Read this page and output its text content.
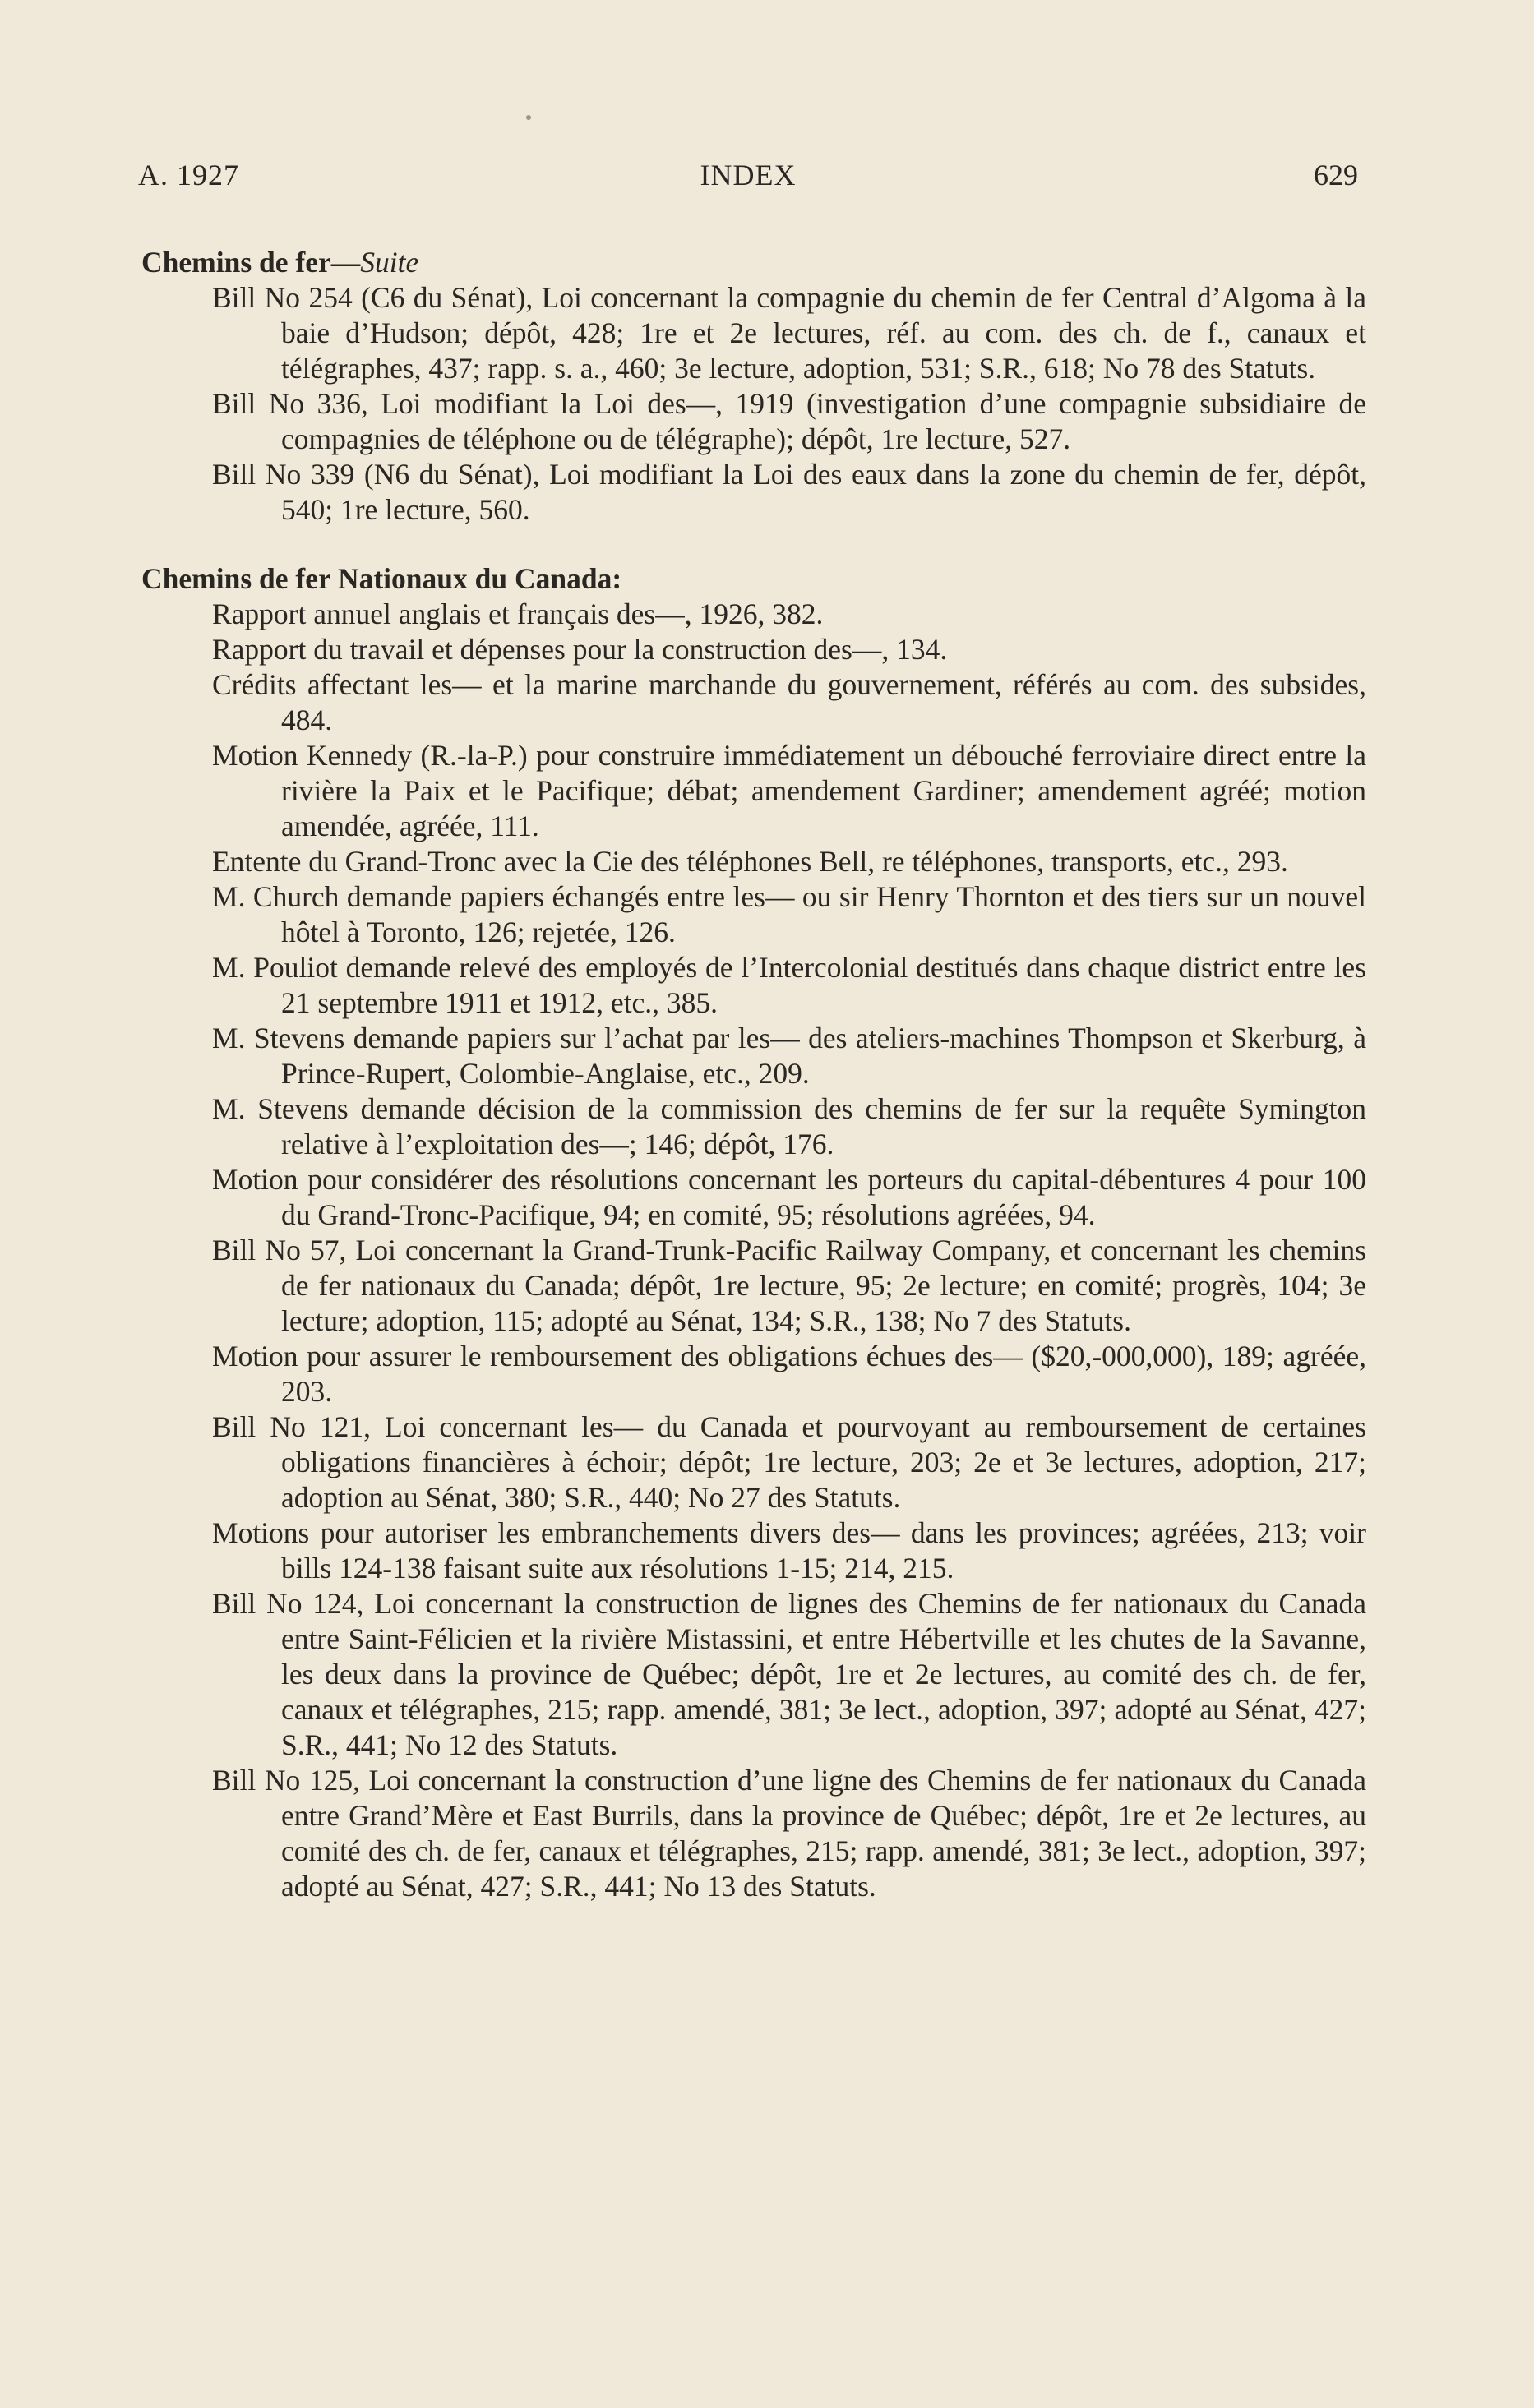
A. 1927	INDEX	629

Chemins de fer—Suite

Bill No 254 (C6 du Sénat), Loi concernant la compagnie du chemin de fer Central d’Algoma à la baie d’Hudson; dépôt, 428; 1re et 2e lectures, réf. au com. des ch. de f., canaux et télégraphes, 437; rapp. s. a., 460; 3e lecture, adoption, 531; S.R., 618; No 78 des Statuts.

Bill No 336, Loi modifiant la Loi des—, 1919 (investigation d’une compagnie subsidiaire de compagnies de téléphone ou de télégraphe); dépôt, 1re lecture, 527.

Bill No 339 (N6 du Sénat), Loi modifiant la Loi des eaux dans la zone du chemin de fer, dépôt, 540; 1re lecture, 560.

Chemins de fer Nationaux du Canada:

Rapport annuel anglais et français des—, 1926, 382.

Rapport du travail et dépenses pour la construction des—, 134.

Crédits affectant les— et la marine marchande du gouvernement, référés au com. des subsides, 484.

Motion Kennedy (R.-la-P.) pour construire immédiatement un débouché ferroviaire direct entre la rivière la Paix et le Pacifique; débat; amendement Gardiner; amendement agréé; motion amendée, agréée, 111.

Entente du Grand-Tronc avec la Cie des téléphones Bell, re téléphones, transports, etc., 293.

M. Church demande papiers échangés entre les— ou sir Henry Thornton et des tiers sur un nouvel hôtel à Toronto, 126; rejetée, 126.

M. Pouliot demande relevé des employés de l’Intercolonial destitués dans chaque district entre les 21 septembre 1911 et 1912, etc., 385.

M. Stevens demande papiers sur l’achat par les— des ateliers-machines Thompson et Skerburg, à Prince-Rupert, Colombie-Anglaise, etc., 209.

M. Stevens demande décision de la commission des chemins de fer sur la requête Symington relative à l’exploitation des—; 146; dépôt, 176.

Motion pour considérer des résolutions concernant les porteurs du capital-débentures 4 pour 100 du Grand-Tronc-Pacifique, 94; en comité, 95; résolutions agréées, 94.

Bill No 57, Loi concernant la Grand-Trunk-Pacific Railway Company, et concernant les chemins de fer nationaux du Canada; dépôt, 1re lecture, 95; 2e lecture; en comité; progrès, 104; 3e lecture; adoption, 115; adopté au Sénat, 134; S.R., 138; No 7 des Statuts.

Motion pour assurer le remboursement des obligations échues des— ($20,-000,000), 189; agréée, 203.

Bill No 121, Loi concernant les— du Canada et pourvoyant au remboursement de certaines obligations financières à échoir; dépôt; 1re lecture, 203; 2e et 3e lectures, adoption, 217; adoption au Sénat, 380; S.R., 440; No 27 des Statuts.

Motions pour autoriser les embranchements divers des— dans les provinces; agréées, 213; voir bills 124-138 faisant suite aux résolutions 1-15; 214, 215.

Bill No 124, Loi concernant la construction de lignes des Chemins de fer nationaux du Canada entre Saint-Félicien et la rivière Mistassini, et entre Hébertville et les chutes de la Savanne, les deux dans la province de Québec; dépôt, 1re et 2e lectures, au comité des ch. de fer, canaux et télégraphes, 215; rapp. amendé, 381; 3e lect., adoption, 397; adopté au Sénat, 427; S.R., 441; No 12 des Statuts.

Bill No 125, Loi concernant la construction d’une ligne des Chemins de fer nationaux du Canada entre Grand’Mère et East Burrils, dans la province de Québec; dépôt, 1re et 2e lectures, au comité des ch. de fer, canaux et télégraphes, 215; rapp. amendé, 381; 3e lect., adoption, 397; adopté au Sénat, 427; S.R., 441; No 13 des Statuts.
